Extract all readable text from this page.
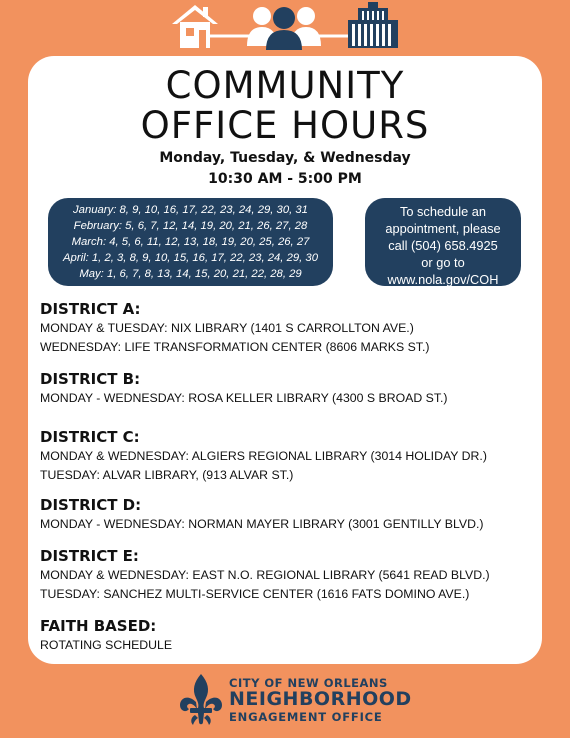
COMMUNITY
OFFICE HOURS
Monday, Tuesday, & Wednesday
10:30 AM - 5:00 PM
January: 8, 9, 10, 16, 17, 22, 23, 24, 29, 30, 31
February: 5, 6, 7, 12, 14, 19, 20, 21, 26, 27, 28
March: 4, 5, 6, 11, 12, 13, 18, 19, 20, 25, 26, 27
April: 1, 2, 3, 8, 9, 10, 15, 16, 17, 22, 23, 24, 29, 30
May: 1, 6, 7, 8, 13, 14, 15, 20, 21, 22, 28, 29
To schedule an
appointment, please
call (504) 658.4925
or go to
www.nola.gov/COH
DISTRICT A:
MONDAY & TUESDAY: NIX LIBRARY (1401 S CARROLLTON AVE.)
WEDNESDAY: LIFE TRANSFORMATION CENTER (8606 MARKS ST.)
DISTRICT B:
MONDAY - WEDNESDAY: ROSA KELLER LIBRARY (4300 S BROAD ST.)
DISTRICT C:
MONDAY & WEDNESDAY: ALGIERS REGIONAL LIBRARY (3014 HOLIDAY DR.)
TUESDAY: ALVAR LIBRARY, (913 ALVAR ST.)
DISTRICT D:
MONDAY - WEDNESDAY: NORMAN MAYER LIBRARY (3001 GENTILLY BLVD.)
DISTRICT E:
MONDAY & WEDNESDAY: EAST N.O. REGIONAL LIBRARY (5641 READ BLVD.)
TUESDAY: SANCHEZ MULTI-SERVICE CENTER (1616 FATS DOMINO AVE.)
FAITH BASED:
ROTATING SCHEDULE
CITY OF NEW ORLEANS
NEIGHBORHOOD
ENGAGEMENT OFFICE
